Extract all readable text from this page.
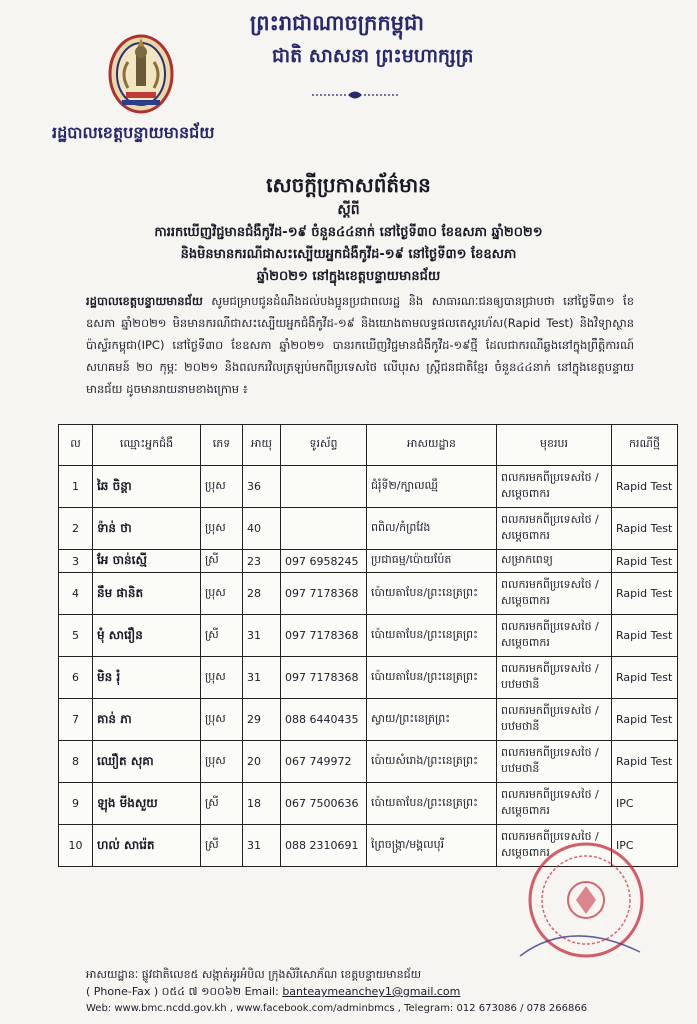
ព្រះរាជាណាចក្រកម្ពុជា
ជាតិ សាសនា ព្រះមហាក្សត្រ
រដ្ឋបាលខេត្តបន្ទាយមានជ័យ
សេចក្ដីប្រកាសព័ត៌មាន
ស្ដីពី
ការរកឃើញវិជ្ជមានជំងឺកូវីដ-១៩ ចំនួន៤៤នាក់ នៅថ្ងៃទី៣០ ខែឧសភា ឆ្នាំ២០២១
និងមិនមានករណីជាសះស្បើយអ្នកជំងឺកូវីដ-១៩ នៅថ្ងៃទី៣១ ខែឧសភា
ឆ្នាំ២០២១ នៅក្នុងខេត្តបន្ទាយមានជ័យ
រដ្ឋបាលខេត្តបន្ទាយមានជ័យ សូមជម្រាបជូនដំណឹងដល់បងប្អូនប្រជាពលរដ្ឋ និង សាធារណៈជនឲ្យបានជ្រាបថា នៅថ្ងៃទី៣១ ខែឧសភា ឆ្នាំ២០២១ មិនមានករណីជាសះស្បើយអ្នកជំងឺកូវីដ-១៩ និងយោងតាមលទ្ធផលតេស្តរហ័ស(Rapid Test) និងវិទ្យាស្ថានប៉ាស្ទ័រកម្ពុជា(IPC) នៅថ្ងៃទី៣០ ខែឧសភា ឆ្នាំ២០២១ បានរកឃើញវិជ្ជមានជំងឺកូវីដ-១៩ថ្មី ដែលជាករណីឆ្លងនៅក្នុងព្រឹត្តិការណ៍សហគមន៍ ២០ កុម្ភៈ ២០២១ និងពលករវិលត្រឡប់មកពីប្រទេសថៃ លើបុរស ស្ត្រីជនជាតិខ្មែរ ចំនួន៤៤នាក់ នៅក្នុងខេត្តបន្ទាយមានជ័យ ដូចមានរាយនាមខាងក្រោម ៖
ល	ឈ្មោះអ្នកជំងឺ	ភេទ	អាយុ	ទូរស័ព្ទ	អាសយដ្ឋាន	មុខរបរ	ករណីថ្មី
1	ឆៃ ចិន្ដា	ប្រុស	36		ជំរុំទី២/ក្បាលឈ្មឹ	ពលករមកពីប្រទេសថៃ / សម្ដេចពាករ	Rapid Test
2	ទ៉ាន់ ថា	ប្រុស	40		ពពិល/កំព្រវែង	ពលករមកពីប្រទេសថៃ / សម្ដេចពាករ	Rapid Test
3	អែ ចាន់ស្មើ	ស្រី	23	097 6958245	ប្រជាធម្ម/ប៉ោយប៉ែត	សម្រាកពេទ្យ	Rapid Test
4	នឹម ផានិត	ប្រុស	28	097 7178368	ប៉ោយតាបែន/ព្រះនេត្រព្រះ	ពលករមកពីប្រទេសថៃ / សម្ដេចពាករ	Rapid Test
5	មុំ សារឿន	ស្រី	31	097 7178368	ប៉ោយតាបែន/ព្រះនេត្រព្រះ	ពលករមកពីប្រទេសថៃ / សម្ដេចពាករ	Rapid Test
6	មិន រុំ	ប្រុស	31	097 7178368	ប៉ោយតាបែន/ព្រះនេត្រព្រះ	ពលករមកពីប្រទេសថៃ / បឋមថានី	Rapid Test
7	គាន់ ភា	ប្រុស	29	088 6440435	ស្វាយ/ព្រះនេត្រព្រះ	ពលករមកពីប្រទេសថៃ / បឋមថានី	Rapid Test
8	ឈឿត សុគា	ប្រុស	20	067 749972	ប៉ោយសំរោង/ព្រះនេត្រព្រះ	ពលករមកពីប្រទេសថៃ / បឋមថានី	Rapid Test
9	ឡុង មីងសួយ	ស្រី	18	067 7500636	ប៉ោយតាបែន/ព្រះនេត្រព្រះ	ពលករមកពីប្រទេសថៃ / សម្ដេចពាករ	IPC
10	ហល់ សារ៉េត	ស្រី	31	088 2310691	ព្រៃចង្ក្រា/មង្គលបុរី	ពលករមកពីប្រទេសថៃ / សម្ដេចពាករ	IPC
អាសយដ្ឋានៈ ផ្លូវជាតិលេខ៥ សង្កាត់អូរអំបិល ក្រុងសិរីសោភ័ណ ខេត្តបន្ទាយមានជ័យ
( Phone-Fax ) ០៥៤ ៧ ១០០៦២ Email: banteaymeanchey1@gmail.com
Web: www.bmc.ncdd.gov.kh , www.facebook.com/adminbmcs , Telegram: 012 673086 / 078 266866
